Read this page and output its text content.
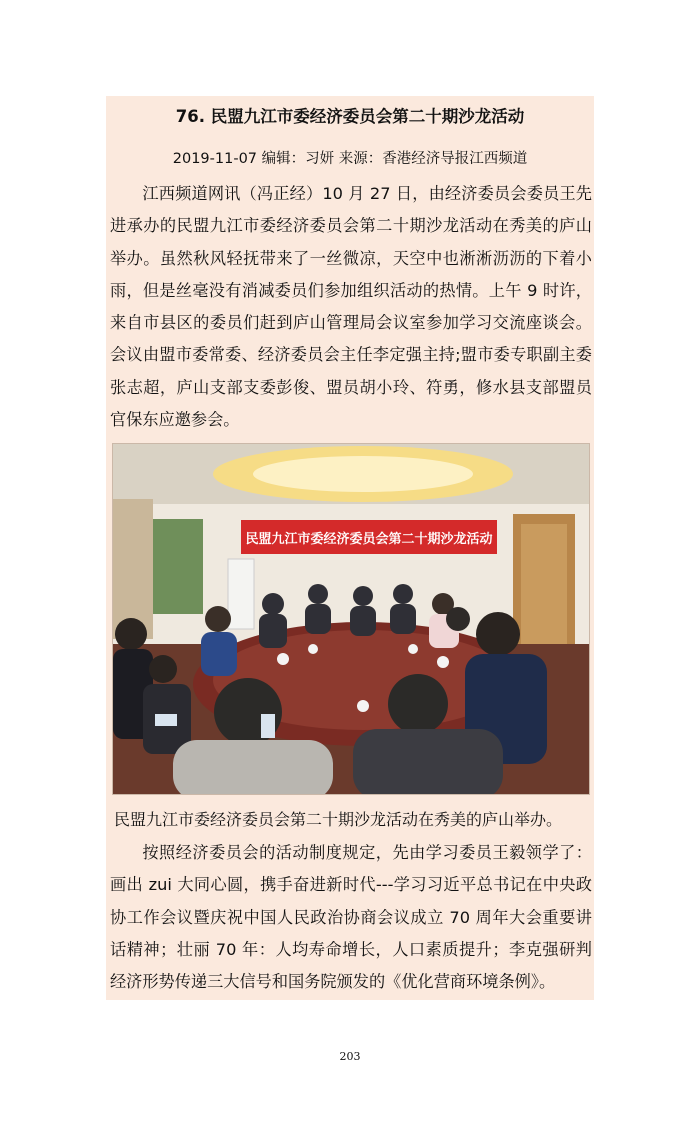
76. 民盟九江市委经济委员会第二十期沙龙活动
2019-11-07 编辑：习妍 来源：香港经济导报江西频道

江西频道网讯（冯正经）10 月 27 日，由经济委员会委员王先进承办的民盟九江市委经济委员会第二十期沙龙活动在秀美的庐山举办。虽然秋风轻抚带来了一丝微凉，天空中也淅淅沥沥的下着小雨，但是丝毫没有消减委员们参加组织活动的热情。上午 9 时许，来自市县区的委员们赶到庐山管理局会议室参加学习交流座谈会。会议由盟市委常委、经济委员会主任李定强主持;盟市委专职副主委张志超，庐山支部支委彭俊、盟员胡小玲、符勇，修水县支部盟员官保东应邀参会。

民盟九江市委经济委员会第二十期沙龙活动

民盟九江市委经济委员会第二十期沙龙活动在秀美的庐山举办。

按照经济委员会的活动制度规定，先由学习委员王毅领学了：画出 zui 大同心圆，携手奋进新时代---学习习近平总书记在中央政协工作会议暨庆祝中国人民政治协商会议成立 70 周年大会重要讲话精神；壮丽 70 年：人均寿命增长，人口素质提升；李克强研判经济形势传递三大信号和国务院颁发的《优化营商环境条例》。

203
